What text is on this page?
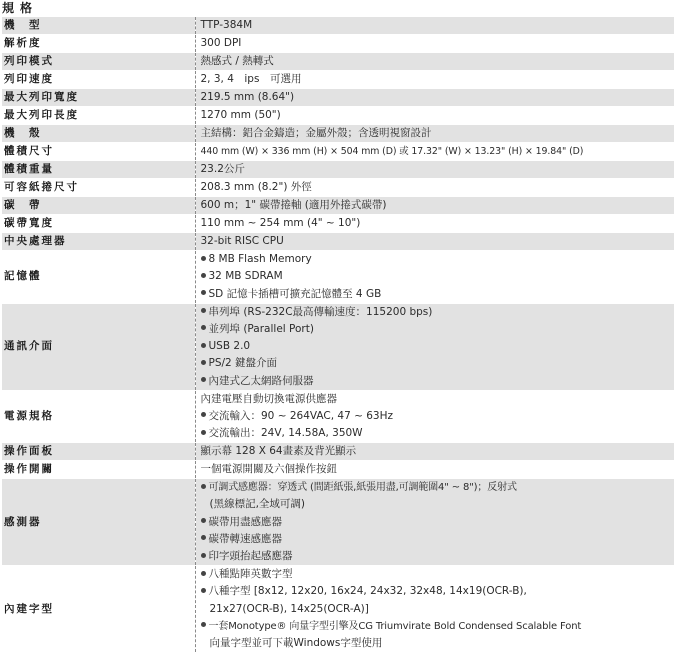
規格
機　型	TTP-384M
解析度	300 DPI
列印模式	熱感式 / 熱轉式
列印速度	2, 3, 4　ips　可選用
最大列印寬度	219.5 mm (8.64")
最大列印長度	1270 mm (50")
機　殼	主結構：鋁合金鑄造；金屬外殼；含透明視窗設計
體積尺寸	440 mm (W) × 336 mm (H) × 504 mm (D) 或 17.32" (W) × 13.23" (H) × 19.84" (D)

體積重量	23.2公斤
可容紙捲尺寸	208.3 mm (8.2") 外徑
碳　帶	600 m；1" 碳帶捲軸 (適用外捲式碳帶)
碳帶寬度	110 mm ~ 254 mm (4" ~ 10")
中央處理器	32-bit RISC CPU
記憶體	8 MB Flash Memory
32 MB SDRAM
SD 記憶卡插槽可擴充記憶體至 4 GB

通訊介面	串列埠 (RS-232C最高傳輸速度：115200 bps)
並列埠 (Parallel Port)
USB 2.0
PS/2 鍵盤介面
內建式乙太網路伺服器

電源規格	內建電壓自動切換電源供應器
交流輸入：90 ~ 264VAC, 47 ~ 63Hz
交流輸出：24V, 14.58A, 350W

操作面板	顯示幕 128 X 64畫素及背光顯示
操作開關	一個電源開關及六個操作按鈕
感測器	可調式感應器：穿透式 (間距紙張,紙張用盡,可調範圍4" ~ 8")；反射式
(黑線標記,全域可調)
碳帶用盡感應器
碳帶轉速感應器
印字頭抬起感應器

內建字型	八種點陣英數字型
八種字型 [8x12, 12x20, 16x24, 24x32, 32x48, 14x19(OCR-B),
21x27(OCR-B), 14x25(OCR-A)]
一套Monotype® 向量字型引擎及CG Triumvirate Bold Condensed Scalable Font
向量字型並可下載Windows字型使用
